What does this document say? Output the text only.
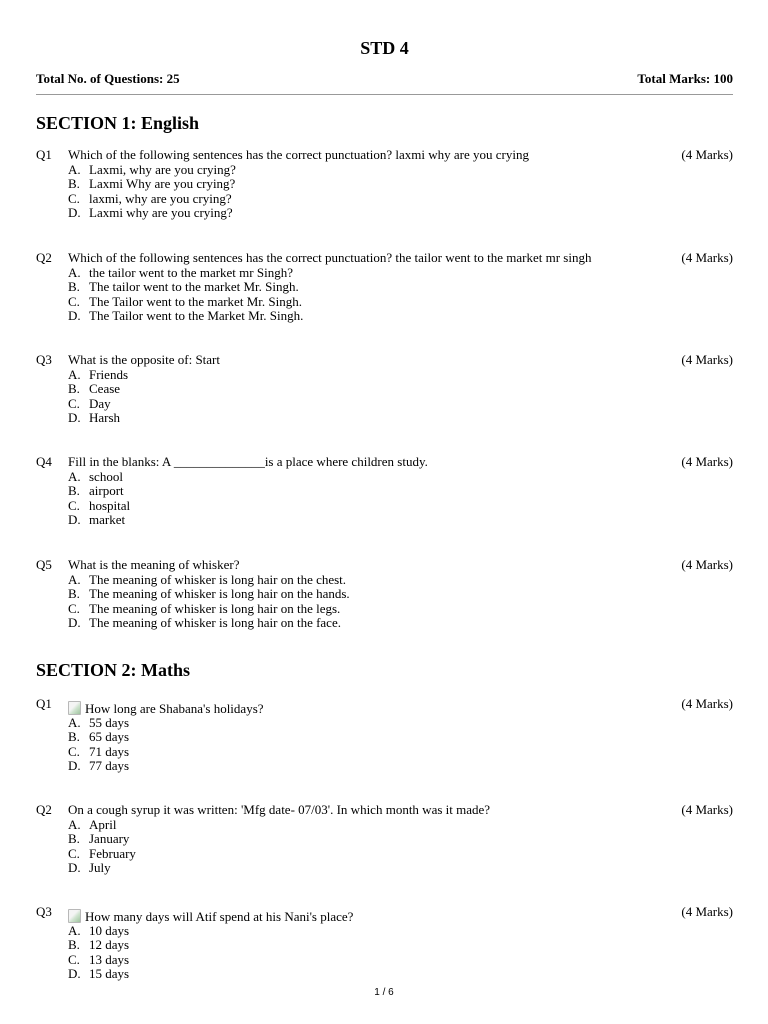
STD 4
Total No. of Questions: 25	Total Marks: 100
SECTION 1: English
Q1 Which of the following sentences has the correct punctuation? laxmi why are you crying	(4 Marks)
A. Laxmi, why are you crying?
B. Laxmi Why are you crying?
C. laxmi, why are you crying?
D. Laxmi why are you crying?
Q2 Which of the following sentences has the correct punctuation? the tailor went to the market mr singh	(4 Marks)
A. the tailor went to the market mr Singh?
B. The tailor went to the market Mr. Singh.
C. The Tailor went to the market Mr. Singh.
D. The Tailor went to the Market Mr. Singh.
Q3 What is the opposite of: Start	(4 Marks)
A. Friends
B. Cease
C. Day
D. Harsh
Q4 Fill in the blanks: A ______________is a place where children study.	(4 Marks)
A. school
B. airport
C. hospital
D. market
Q5 What is the meaning of whisker?	(4 Marks)
A. The meaning of whisker is long hair on the chest.
B. The meaning of whisker is long hair on the hands.
C. The meaning of whisker is long hair on the legs.
D. The meaning of whisker is long hair on the face.
SECTION 2: Maths
Q1	How long are Shabana's holidays?	(4 Marks)
A. 55 days
B. 65 days
C. 71 days
D. 77 days
Q2 On a cough syrup it was written: 'Mfg date- 07/03'. In which month was it made?	(4 Marks)
A. April
B. January
C. February
D. July
Q3	How many days will Atif spend at his Nani's place?	(4 Marks)
A. 10 days
B. 12 days
C. 13 days
D. 15 days
1 / 6
